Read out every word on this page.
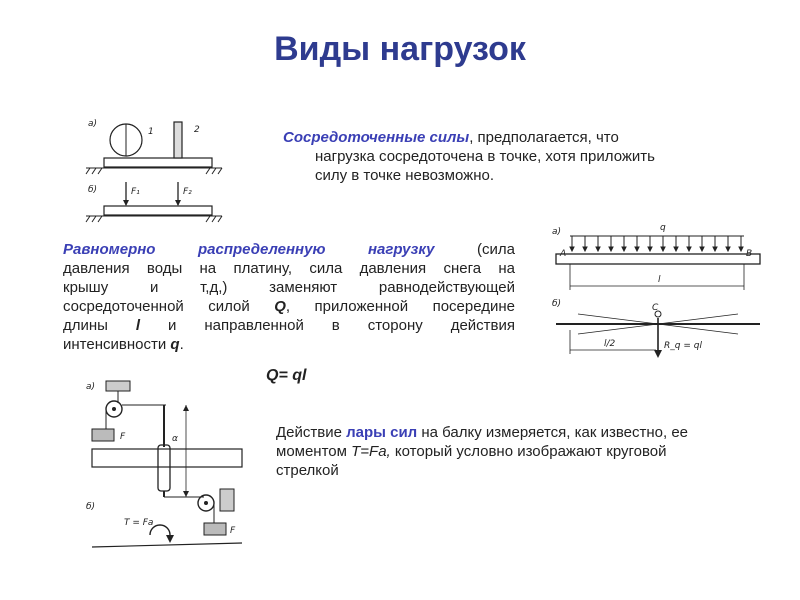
Виды нагрузок
Сосредоточенные силы, предполагается, что
нагрузка сосредоточена в точке, хотя приложить
силу в точке невозможно.
Равномерно распределенную нагрузку (сила
давления воды на платину, сила давления снега на
крышу и т,д,) заменяют равнодействующей
сосредоточенной силой Q, приложенной посередине
длины l и направленной в сторону действия
интенсивности q.
Q= ql
Действие лары сил на балку измеряется, как известно, ее
моментом T=Fa, который условно изображают круговой
стрелкой
а)
1	2
б)	F₁	F₂
а)	q
A	B
l
б)	C
l/2	R_q = ql
а)
F	α
F
б)
T = Fa
